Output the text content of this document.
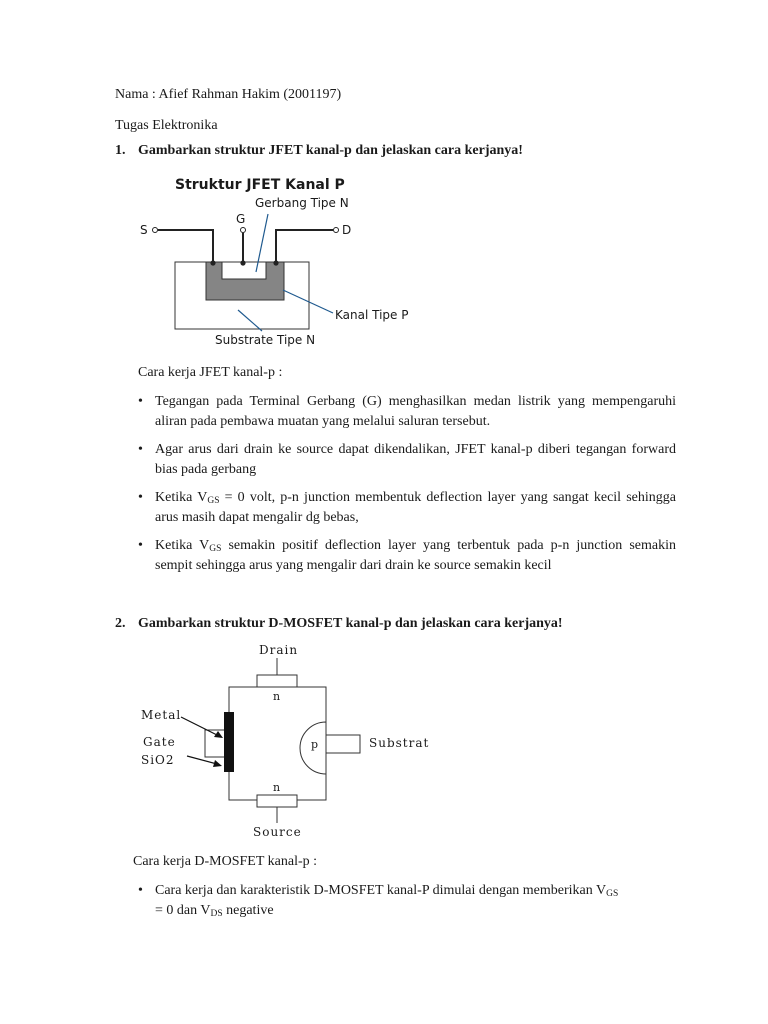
Nama : Afief Rahman Hakim (2001197)
Tugas Elektronika
1. Gambarkan struktur JFET kanal-p dan jelaskan cara kerjanya!
Struktur JFET Kanal P
Gerbang Tipe N
G
S	D
Kanal Tipe P
Substrate Tipe N
Cara kerja JFET kanal-p :
• Tegangan pada Terminal Gerbang (G) menghasilkan medan listrik yang mempengaruhi aliran pada pembawa muatan yang melalui saluran tersebut.
• Agar arus dari drain ke source dapat dikendalikan, JFET kanal-p diberi tegangan forward bias pada gerbang
• Ketika $V_{GS} = 0$ volt, p-n junction membentuk deflection layer yang sangat kecil sehingga arus masih dapat mengalir dg bebas,
• Ketika $V_{GS}$ semakin positif deflection layer yang terbentuk pada p-n junction semakin sempit sehingga arus yang mengalir dari drain ke source semakin kecil
2. Gambarkan struktur D-MOSFET kanal-p dan jelaskan cara kerjanya!
Drain
Source
Metal
Gate
SiO2
Substrat
n
n
p
Cara kerja D-MOSFET kanal-p :
• Cara kerja dan karakteristik D-MOSFET kanal-P dimulai dengan memberikan $V_{GS}$
= 0 dan $V_{DS}$ negative
